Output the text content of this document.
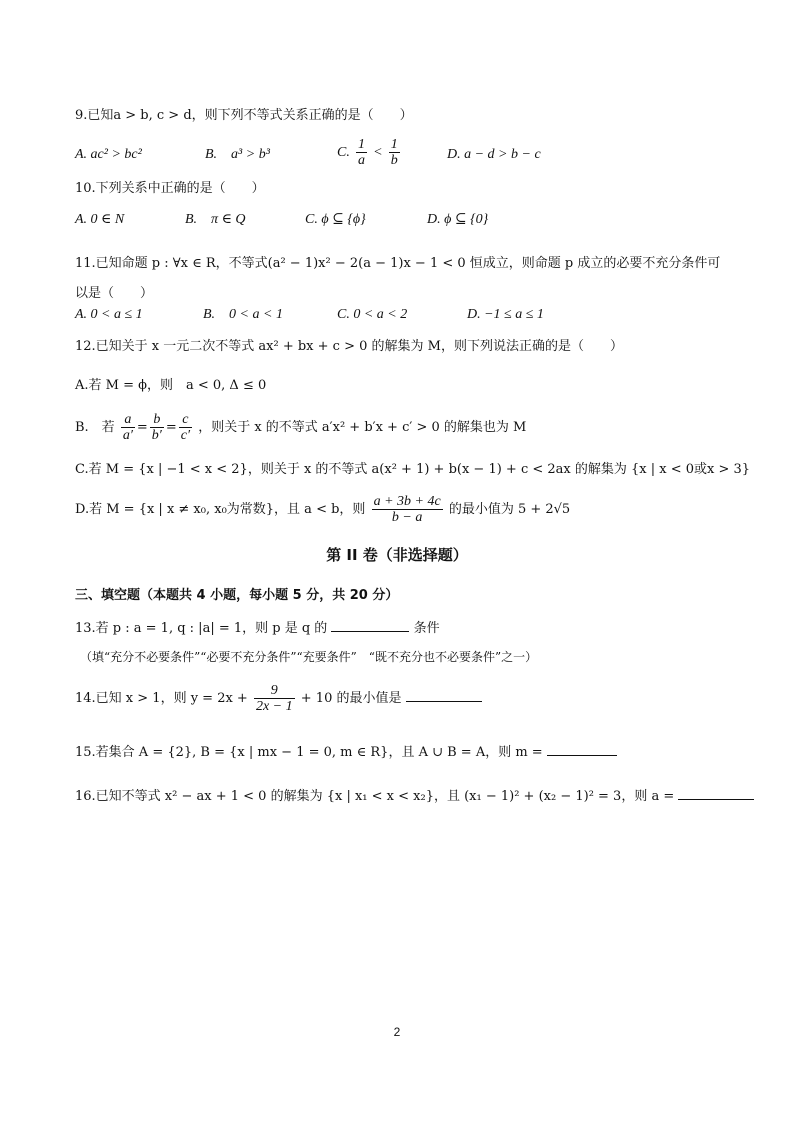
9.已知a > b, c > d，则下列不等式关系正确的是（　　）
A. ac² > bc²	B.　a³ > b³	C. $\frac{1}{a} < \frac{1}{b}$	D. a − d > b − c
10.下列关系中正确的是（　　）
A. 0 ∈ N	B.　π ∈ Q	C. ϕ ⊆ {ϕ}	D. ϕ ⊆ {0}
11.已知命题 p : ∀x ∈ R，不等式(a² − 1)x² − 2(a − 1)x − 1 < 0 恒成立，则命题 p 成立的必要不充分条件可
以是（　　）
A. 0 < a ≤ 1	B.　0 < a < 1	C. 0 < a < 2	D. −1 ≤ a ≤ 1
12.已知关于 x 一元二次不等式 ax² + bx + c > 0 的解集为 M，则下列说法正确的是（　　）
A.若 M = ϕ，则　a < 0, Δ ≤ 0
B.　若 $\frac{a}{a'} = \frac{b}{b'} = \frac{c}{c'}$ ，则关于 x 的不等式 a′x² + b′x + c′ > 0 的解集也为 M
C.若 M = {x | −1 < x < 2}，则关于 x 的不等式 a(x² + 1) + b(x − 1) + c < 2ax 的解集为 {x | x < 0或x > 3}
D.若 M = {x | x ≠ x₀, x₀为常数}，且 a < b，则 $\frac{a + 3b + 4c}{b - a}$ 的最小值为 5 + 2√5
第 II 卷（非选择题）
三、填空题（本题共 4 小题，每小题 5 分，共 20 分）
13.若 p : a = 1, q : |a| = 1，则 p 是 q 的	条件
（填“充分不必要条件”“必要不充分条件”“充要条件”　“既不充分也不必要条件”之一）
14.已知 x > 1，则 $y = 2x + \frac{9}{2x - 1} + 10$ 的最小值是
15.若集合 A = {2}, B = {x | mx − 1 = 0, m ∈ R}，且 A ∪ B = A，则 m =
16.已知不等式 x² − ax + 1 < 0 的解集为 {x | x₁ < x < x₂}，且 (x₁ − 1)² + (x₂ − 1)² = 3，则 a =
2
